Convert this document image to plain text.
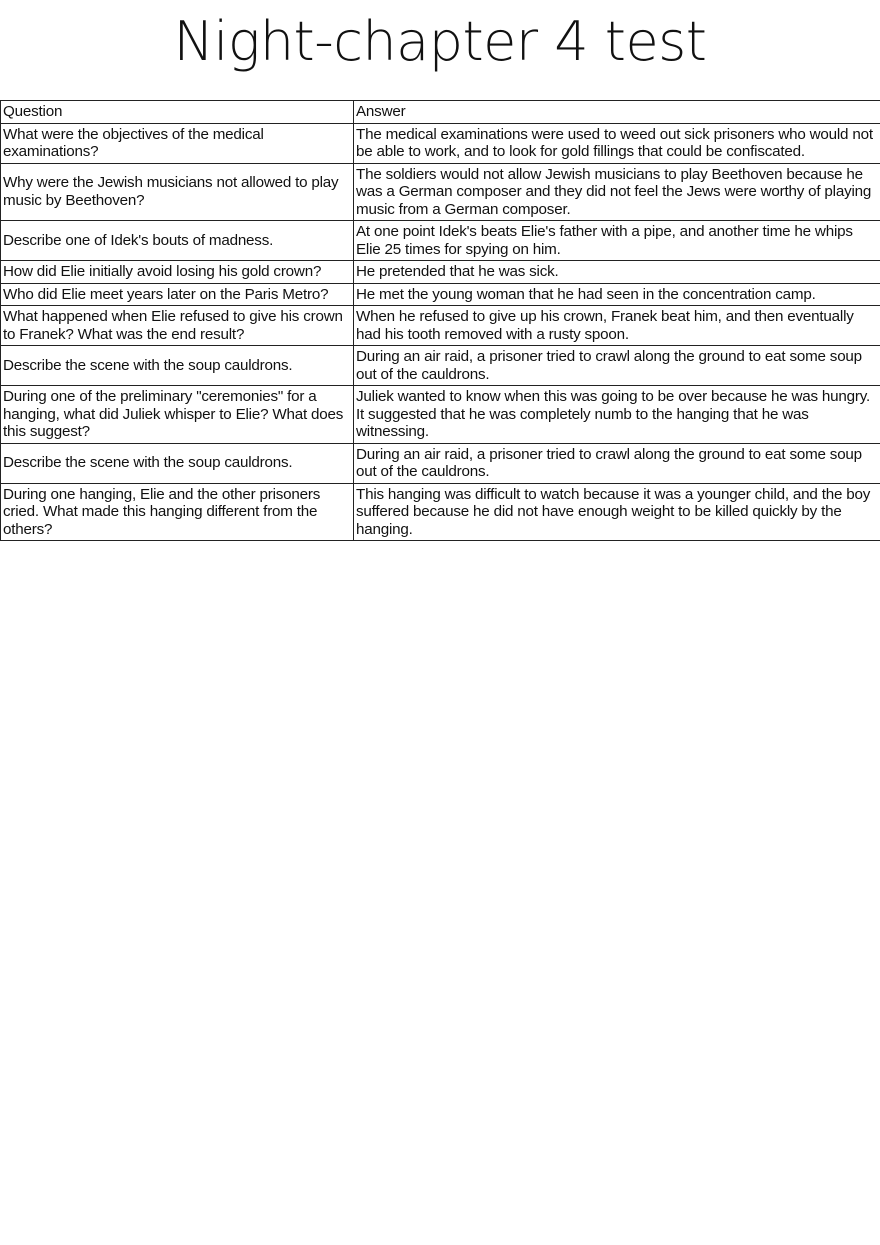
Night-chapter 4 test
Question	Answer
What were the objectives of the medical examinations?	The medical examinations were used to weed out sick prisoners who would not be able to work, and to look for gold fillings that could be confiscated.
Why were the Jewish musicians not allowed to play music by Beethoven?	The soldiers would not allow Jewish musicians to play Beethoven because he was a German composer and they did not feel the Jews were worthy of playing music from a German composer.
Describe one of Idek's bouts of madness.	At one point Idek's beats Elie's father with a pipe, and another time he whips Elie 25 times for spying on him.
How did Elie initially avoid losing his gold crown?	He pretended that he was sick.
Who did Elie meet years later on the Paris Metro?	He met the young woman that he had seen in the concentration camp.
What happened when Elie refused to give his crown to Franek? What was the end result?	When he refused to give up his crown, Franek beat him, and then eventually had his tooth removed with a rusty spoon.
Describe the scene with the soup cauldrons.	During an air raid, a prisoner tried to crawl along the ground to eat some soup out of the cauldrons.
During one of the preliminary "ceremonies" for a hanging, what did Juliek whisper to Elie? What does this suggest?	Juliek wanted to know when this was going to be over because he was hungry. It suggested that he was completely numb to the hanging that he was witnessing.
Describe the scene with the soup cauldrons.	During an air raid, a prisoner tried to crawl along the ground to eat some soup out of the cauldrons.
During one hanging, Elie and the other prisoners cried. What made this hanging different from the others?	This hanging was difficult to watch because it was a younger child, and the boy suffered because he did not have enough weight to be killed quickly by the hanging.
